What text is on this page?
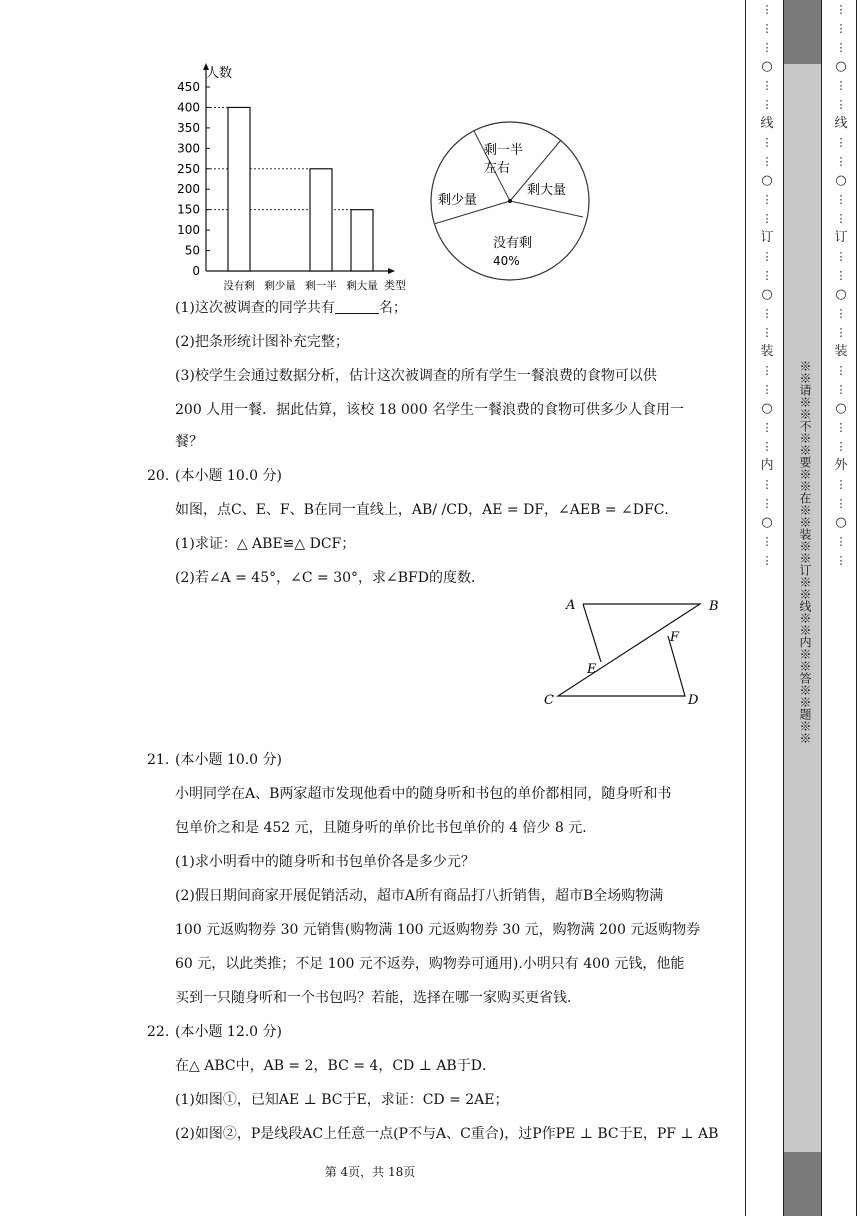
0
50
100
150
200
250
300
350
400
450
没有剩 剩少量 剩一半 剩大量
人数
类型
剩一半
左右
剩大量
剩少量
没有剩
40%
(1)这次被调查的同学共有	名；
(2)把条形统计图补充完整；
(3)校学生会通过数据分析，估计这次被调查的所有学生一餐浪费的食物可以供
200 人用一餐．据此估算，该校 18 000 名学生一餐浪费的食物可供多少人食用一
餐？
20. (本小题 10.0 分)
如图，点C、E、F、B在同一直线上，AB/ /CD，AE = DF，∠AEB = ∠DFC．
(1)求证：△ ABE≌△ DCF；
(2)若∠A = 45°，∠C = 30°，求∠BFD的度数．
A	B
F
E
C	D
21. (本小题 10.0 分)
小明同学在A、B两家超市发现他看中的随身听和书包的单价都相同，随身听和书
包单价之和是 452 元，且随身听的单价比书包单价的 4 倍少 8 元．
(1)求小明看中的随身听和书包单价各是多少元？
(2)假日期间商家开展促销活动，超市A所有商品打八折销售，超市B全场购物满
100 元返购物券 30 元销售(购物满 100 元返购物券 30 元，购物满 200 元返购物券
60 元，以此类推；不足 100 元不返券，购物券可通用).小明只有 400 元钱，他能
买到一只随身听和一个书包吗？若能，选择在哪一家购买更省钱．
22. (本小题 12.0 分)
在△ ABC中，AB = 2，BC = 4，CD ⊥ AB于D．
(1)如图①，已知AE ⊥ BC于E，求证：CD = 2AE；
(2)如图②，P是线段AC上任意一点(P不与A、C重合)，过P作PE ⊥ BC于E，PF ⊥ AB
第 4页，共 18页
※※请※※不※※要※※在※※装※※订※※线※※内※※答※※题※※
⋮
⋮
⋮
○
⋮
⋮
线
⋮
⋮
○
⋮
⋮
订
⋮
⋮
○
⋮
⋮
装
⋮
⋮
○
⋮
⋮
内
⋮
⋮
○
⋮
⋮
⋮
⋮
⋮
○
⋮
⋮
线
⋮
⋮
○
⋮
⋮
订
⋮
⋮
○
⋮
⋮
装
⋮
⋮
○
⋮
⋮
外
⋮
⋮
○
⋮
⋮
